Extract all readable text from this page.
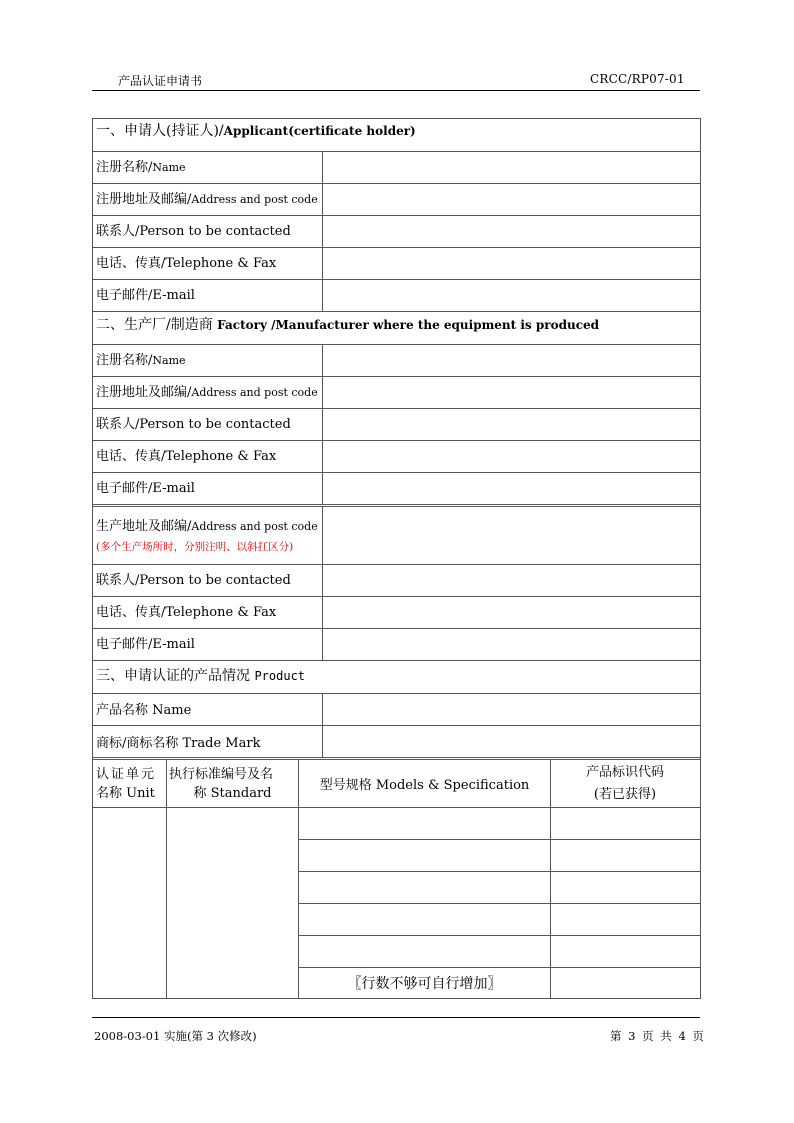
产品认证申请书	CRCC/RP07-01
一、申请人(持证人)/Applicant(certificate holder)
注册名称/Name
注册地址及邮编/Address and post code
联系人/Person to be contacted
电话、传真/Telephone & Fax
电子邮件/E-mail
二、生产厂/制造商 Factory /Manufacturer where the equipment is produced
注册名称/Name
注册地址及邮编/Address and post code
联系人/Person to be contacted
电话、传真/Telephone & Fax
电子邮件/E-mail
生产地址及邮编/Address and post code
(多个生产场所时，分别注明、以斜扛区分)
联系人/Person to be contacted
电话、传真/Telephone & Fax
电子邮件/E-mail
三、申请认证的产品情况 Product
产品名称 Name
商标/商标名称 Trade Mark
认证单元
名称 Unit
执行标准编号及名
称 Standard
型号规格 Models & Specification
产品标识代码
(若已获得)
〖行数不够可自行增加〗
2008-03-01 实施(第 3 次修改)	第 3 页 共 4 页
